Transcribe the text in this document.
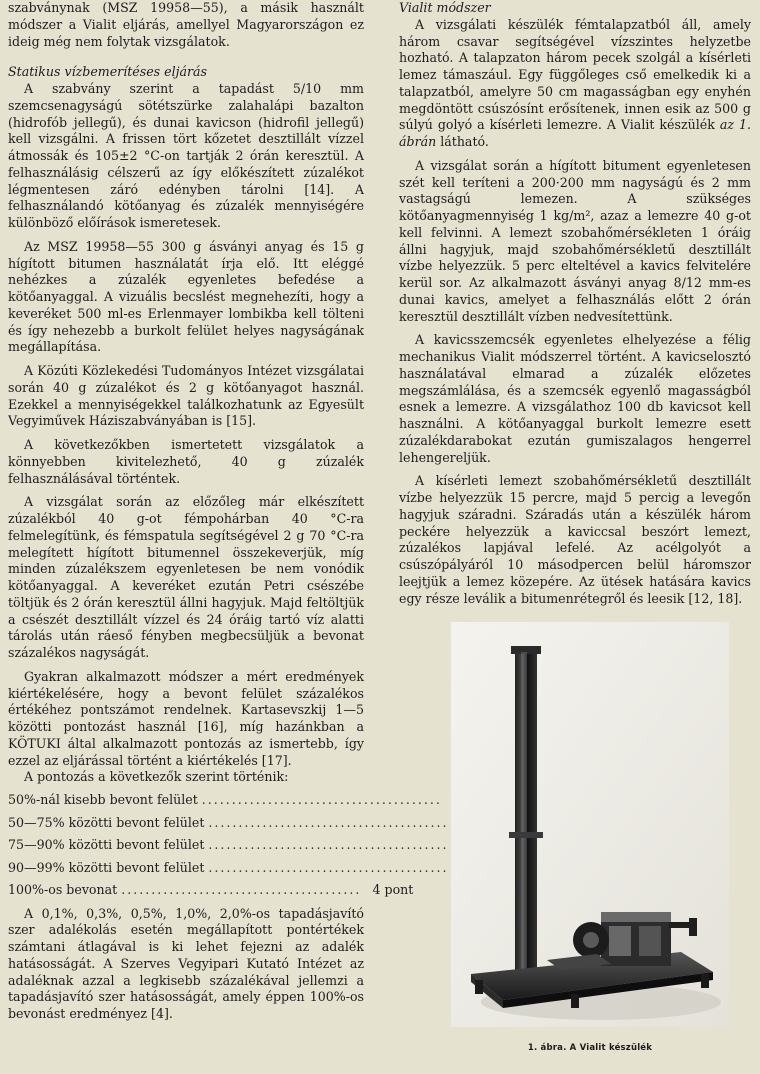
szabványnak (MSZ 19958—55), a másik használt módszer a Vialit eljárás, amellyel Magyarországon ez ideig még nem folytak vizsgálatok.

Statikus vízbemerítéses eljárás

A szabvány szerint a tapadást 5/10 mm szemcsenagyságú sötétszürke zalahalápi bazalton (hidrofób jellegű), és dunai kavicson (hidrofil jellegű) kell vizsgálni. A frissen tört kőzetet desztillált vízzel átmossák és 105±2 °C-on tartják 2 órán keresztül. A felhasználásig célszerű az így előkészített zúzalékot légmentesen záró edényben tárolni [14]. A felhasználandó kötőanyag és zúzalék mennyiségére különböző előírások ismeretesek.

Az MSZ 19958—55 300 g ásványi anyag és 15 g hígított bitumen használatát írja elő. Itt eléggé nehézkes a zúzalék egyenletes befedése a kötőanyaggal. A vizuális becslést megnehezíti, hogy a keveréket 500 ml-es Erlenmayer lombikba kell tölteni és így nehezebb a burkolt felület helyes nagyságának megállapítása.

A Közúti Közlekedési Tudományos Intézet vizsgálatai során 40 g zúzalékot és 2 g kötőanyagot használ. Ezekkel a mennyiségekkel találkozhatunk az Egyesült Vegyiművek Háziszabványában is [15].

A következőkben ismertetett vizsgálatok a könnyebben kivitelezhető, 40 g zúzalék felhasználásával történtek.

A vizsgálat során az előzőleg már elkészített zúzalékból 40 g-ot fémpohárban 40 °C-ra felmelegítünk, és fémspatula segítségével 2 g 70 °C-ra melegített hígított bitumennel összekeverjük, míg minden zúzalékszem egyenletesen be nem vonódik kötőanyaggal. A keveréket ezután Petri csészébe töltjük és 2 órán keresztül állni hagyjuk. Majd feltöltjük a csészét desztillált vízzel és 24 óráig tartó víz alatti tárolás után ráeső fényben megbecsüljük a bevonat százalékos nagyságát.

Gyakran alkalmazott módszer a mért eredmények kiértékelésére, hogy a bevont felület százalékos értékéhez pontszámot rendelnek. Kartasevszkij 1—5 közötti pontozást használ [16], míg hazánkban a KÖTUKI által alkalmazott pontozás az ismertebb, így ezzel az eljárással történt a kiértékelés [17].

A pontozás a következők szerint történik:

50%-nál kisebb bevont felület ........................................
50—75% közötti bevont felület ........................................
75—90% közötti bevont felület ........................................
90—99% közötti bevont felület ........................................
100%-os bevonat ........................................ 4 pont

A 0,1%, 0,3%, 0,5%, 1,0%, 2,0%-os tapadásjavító szer adalékolás esetén megállapított pontértékek számtani átlagával is ki lehet fejezni az adalék hatásosságát. A Szerves Vegyipari Kutató Intézet az adaléknak azzal a legkisebb százalékával jellemzi a tapadásjavító szer hatásosságát, amely éppen 100%-os bevonást eredményez [4].

Vialit módszer

A vizsgálati készülék fémtalapzatból áll, amely három csavar segítségével vízszintes helyzetbe hozható. A talapzaton három pecek szolgál a kísérleti lemez támaszául. Egy függőleges cső emelkedik ki a talapzatból, amelyre 50 cm magasságban egy enyhén megdöntött csúszósínt erősítenek, innen esik az 500 g súlyú golyó a kísérleti lemezre. A Vialit készülék az 1. ábrán látható.

A vizsgálat során a hígított bitument egyenletesen szét kell teríteni a 200·200 mm nagyságú és 2 mm vastagságú lemezen. A szükséges kötőanyagmennyiség 1 kg/m², azaz a lemezre 40 g-ot kell felvinni. A lemezt szobahőmérsékleten 1 óráig állni hagyjuk, majd szobahőmérsékletű desztillált vízbe helyezzük. 5 perc elteltével a kavics felvitelére kerül sor. Az alkalmazott ásványi anyag 8/12 mm-es dunai kavics, amelyet a felhasználás előtt 2 órán keresztül desztillált vízben nedvesítettünk.

A kavicsszemcsék egyenletes elhelyezése a félig mechanikus Vialit módszerrel történt. A kavicselosztó használatával elmarad a zúzalék előzetes megszámlálása, és a szemcsék egyenlő magasságból esnek a lemezre. A vizsgálathoz 100 db kavicsot kell használni. A kötőanyaggal burkolt lemezre esett zúzalékdarabokat ezután gumiszalagos hengerrel lehengereljük.

A kísérleti lemezt szobahőmérsékletű desztillált vízbe helyezzük 15 percre, majd 5 percig a levegőn hagyjuk száradni. Száradás után a készülék három peckére helyezzük a kaviccsal beszórt lemezt, zúzalékos lapjával lefelé. Az acélgolyót a csúszópályáról 10 másodpercen belül háromszor leejtjük a lemez közepére. Az ütések hatására kavics egy része leválik a bitumenrétegről és leesik [12, 18].

1. ábra. A Vialit készülék
